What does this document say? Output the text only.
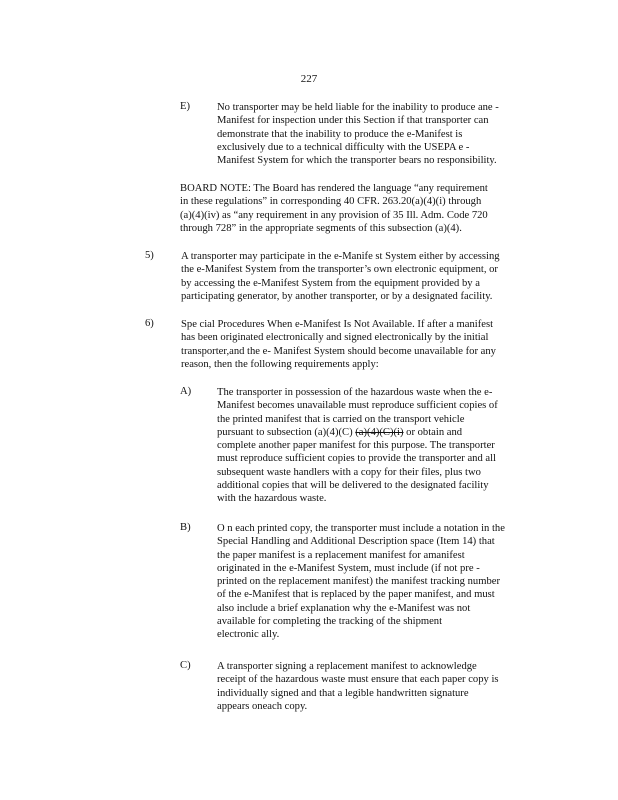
227
E)	No transporter may be held liable for the inability to produce ane -
Manifest for inspection under this Section if that transporter can
demonstrate that the inability to produce the e-Manifest is
exclusively due to a technical difficulty with the USEPA e -
Manifest System for which the transporter bears no responsibility.
BOARD NOTE: The Board has rendered the language “any requirement
in these regulations” in corresponding 40 CFR. 263.20(a)(4)(i) through
(a)(4)(iv) as “any requirement in any provision of 35 Ill. Adm. Code 720
through 728” in the appropriate segments of this subsection (a)(4).
5)	A transporter may participate in the e-Manife st System either by accessing
the e-Manifest System from the transporter’s own electronic equipment, or
by accessing the e-Manifest System from the equipment provided by a
participating generator, by another transporter, or by a designated facility.
6)	Spe cial Procedures When e-Manifest Is Not Available. If after a manifest
has been originated electronically and signed electronically by the initial
transporter,and the e- Manifest System should become unavailable for any
reason, then the following requirements apply:
A) The transporter in possession of the hazardous waste when the e-
Manifest becomes unavailable must reproduce sufficient copies of
the printed manifest that is carried on the transport vehicle
pursuant to subsection (a)(4)(C) (a)(4)(C)(i) or obtain and
complete another paper manifest for this purpose. The transporter
must reproduce sufficient copies to provide the transporter and all
subsequent waste handlers with a copy for their files, plus two
additional copies that will be delivered to the designated facility
with the hazardous waste.
B) O n each printed copy, the transporter must include a notation in the
Special Handling and Additional Description space (Item 14) that
the paper manifest is a replacement manifest for amanifest
originated in the e-Manifest System, must include (if not pre -
printed on the replacement manifest) the manifest tracking number
of the e-Manifest that is replaced by the paper manifest, and must
also include a brief explanation why the e-Manifest was not
available for completing the tracking of the shipment
electronic ally.
C) A transporter signing a replacement manifest to acknowledge
receipt of the hazardous waste must ensure that each paper copy is
individually signed and that a legible handwritten signature
appears oneach copy.
